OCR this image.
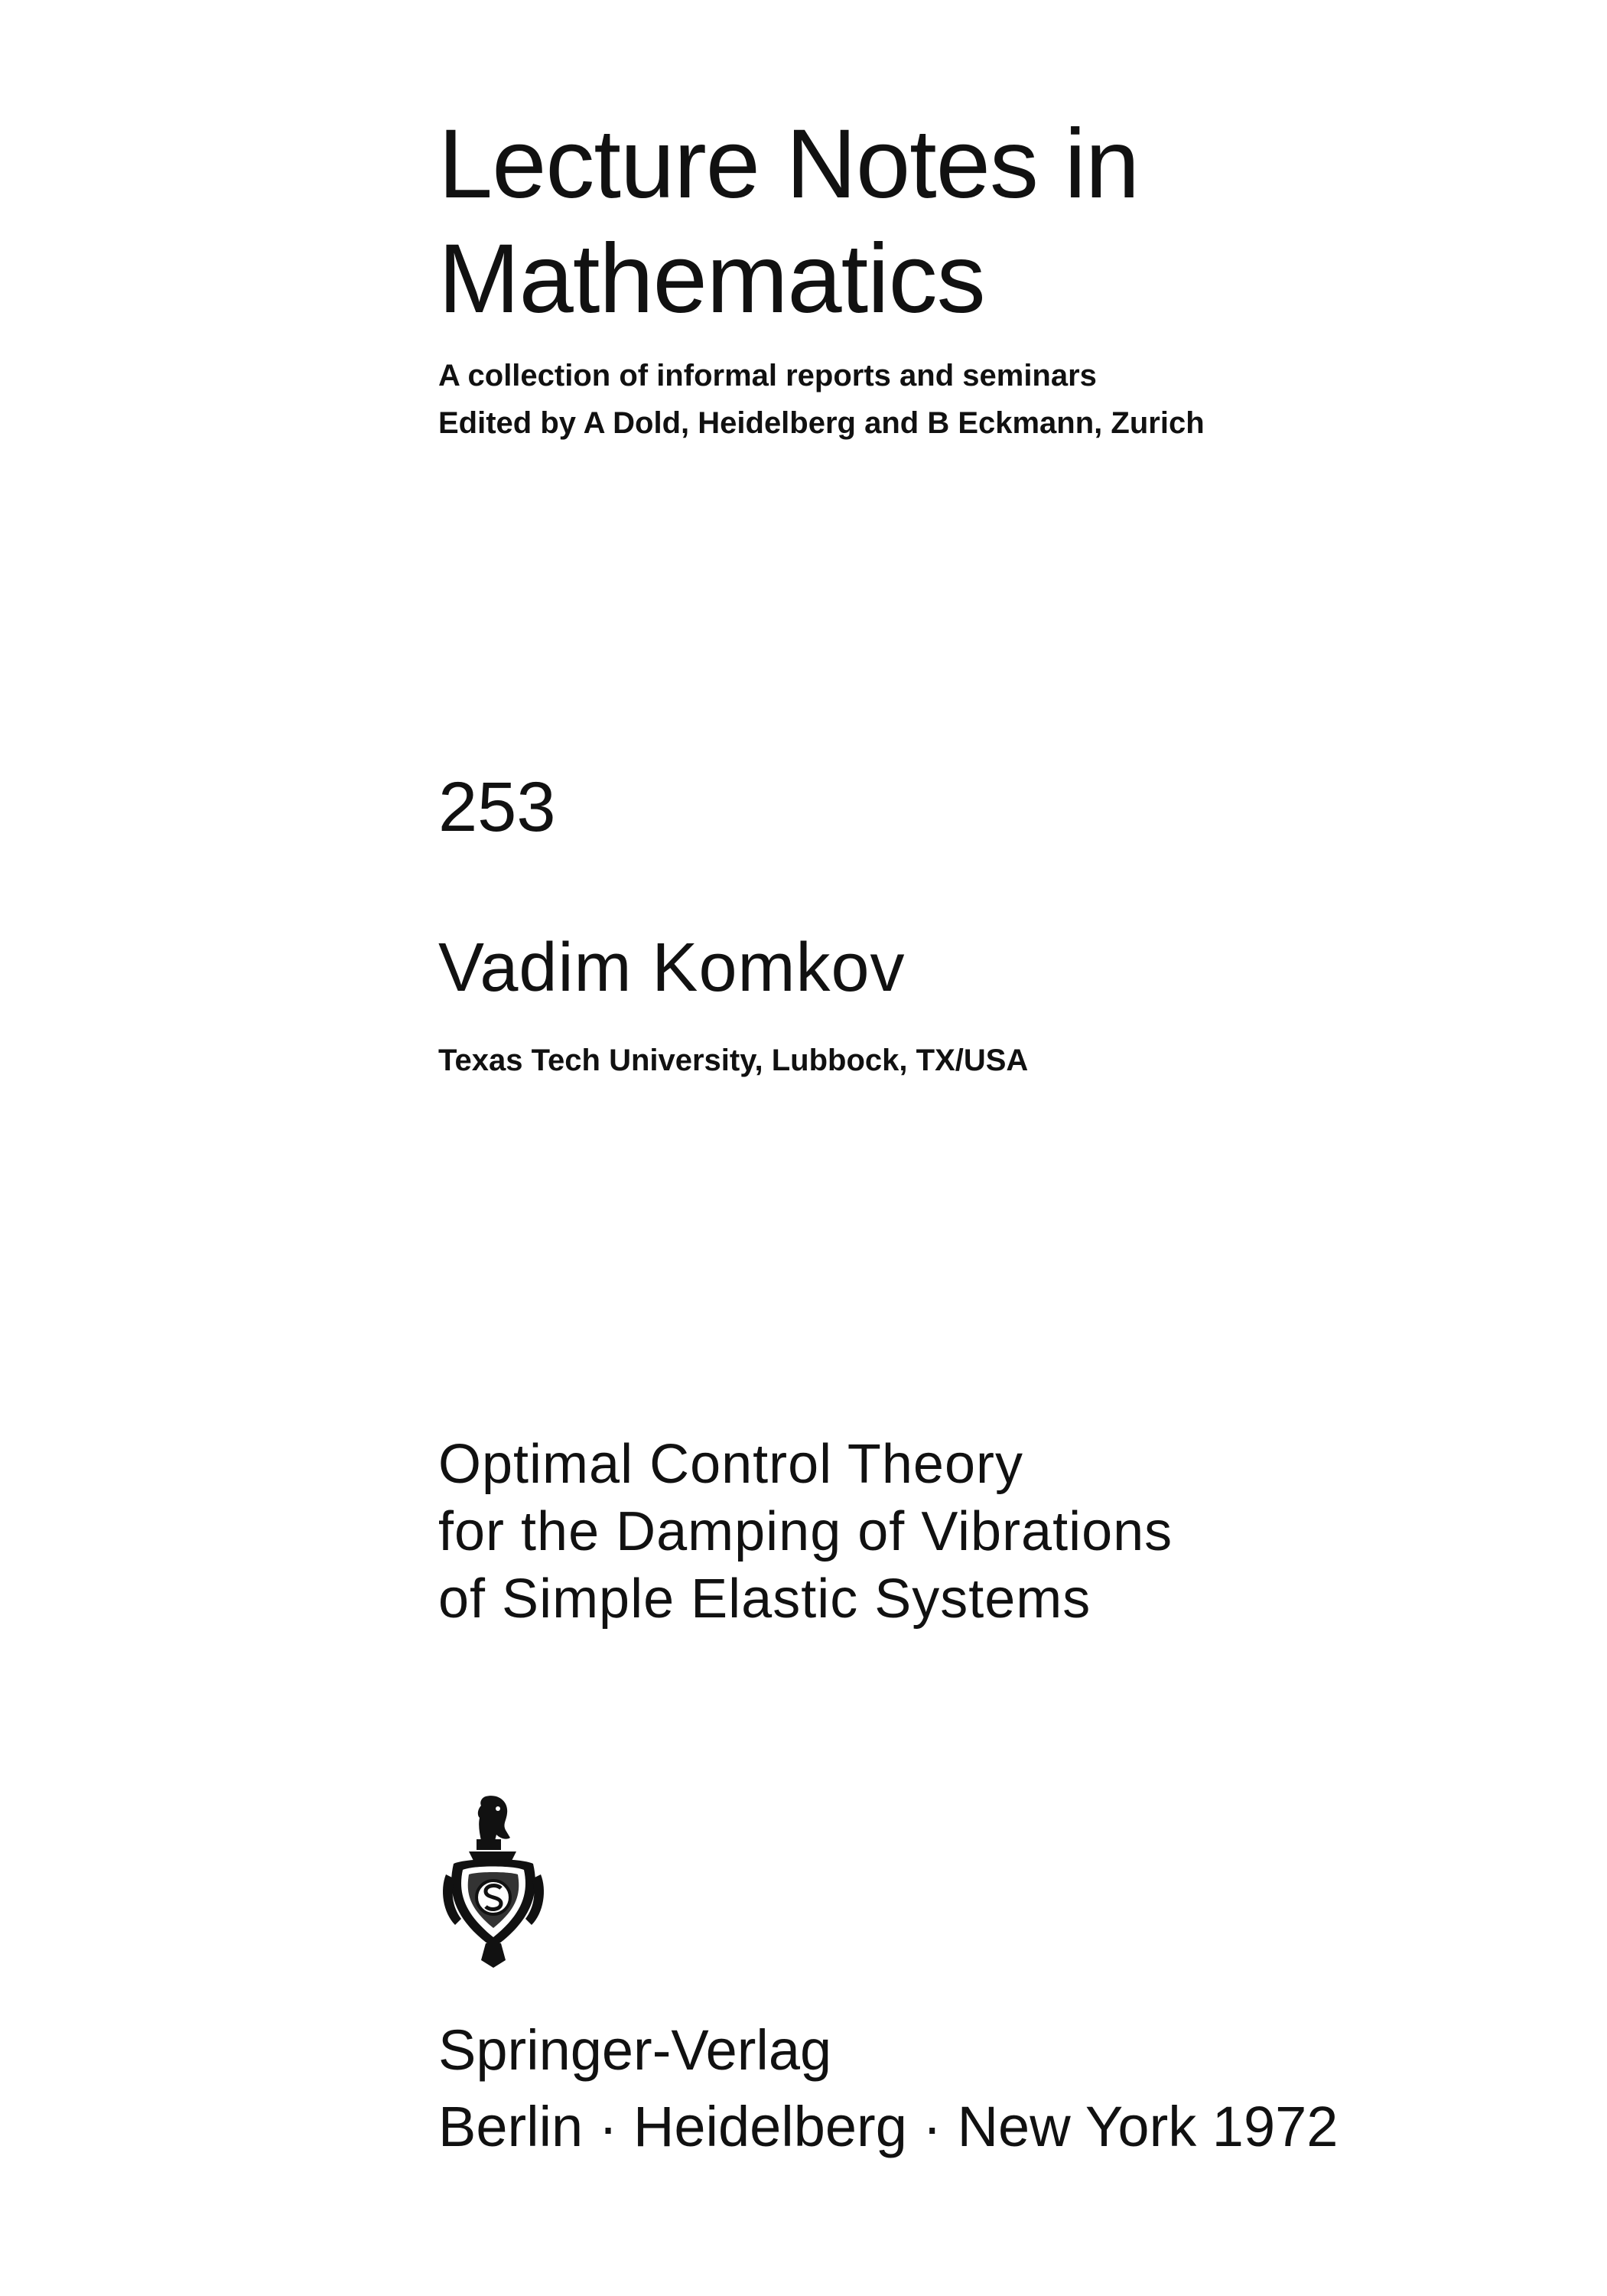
Lecture Notes in
Mathematics
A collection of informal reports and seminars
Edited by A Dold, Heidelberg and B Eckmann, Zurich
253
Vadim Komkov
Texas Tech University, Lubbock, TX/USA
Optimal Control Theory
for the Damping of Vibrations
of Simple Elastic Systems
Springer-Verlag
Berlin · Heidelberg · New York 1972
